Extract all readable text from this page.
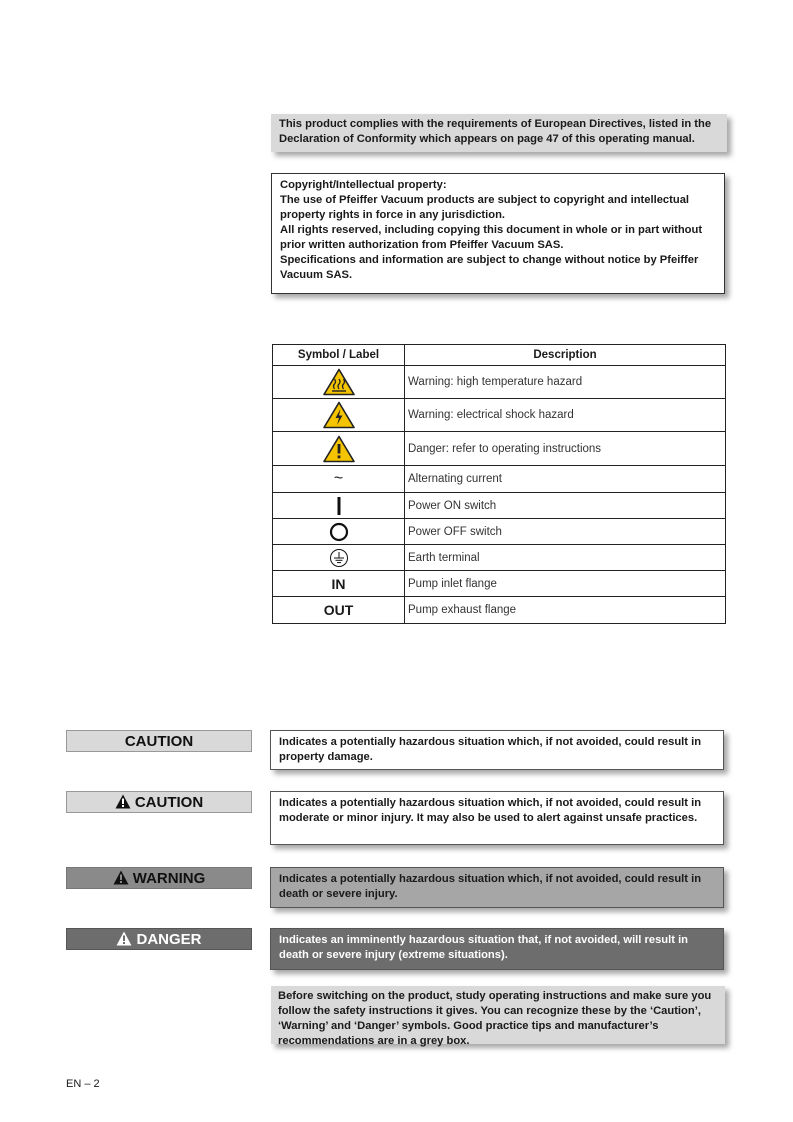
This product complies with the requirements of European Directives, listed in the Declaration of Conformity which appears on page 47 of this operating manual.

Copyright/Intellectual property:

The use of Pfeiffer Vacuum products are subject to copyright and intellectual property rights in force in any jurisdiction.

All rights reserved, including copying this document in whole or in part without prior written authorization from Pfeiffer Vacuum SAS.

Specifications and information are subject to change without notice by Pfeiffer Vacuum SAS.

Symbol / Label	Description
	Warning: high temperature hazard
	Warning: electrical shock hazard
	Danger: refer to operating instructions
~	Alternating current
	Power ON switch
	Power OFF switch
	Earth terminal
IN	Pump inlet flange
OUT	Pump exhaust flange
CAUTION	Indicates a potentially hazardous situation which, if not avoided, could result in property damage.
CAUTION	Indicates a potentially hazardous situation which, if not avoided, could result in moderate or minor injury. It may also be used to alert against unsafe practices.
WARNING	Indicates a potentially hazardous situation which, if not avoided, could result in death or severe injury.
DANGER	Indicates an imminently hazardous situation that, if not avoided, will result in death or severe injury (extreme situations).
Before switching on the product, study operating instructions and make sure you follow the safety instructions it gives. You can recognize these by the ‘Caution’, ‘Warning’ and ‘Danger’ symbols. Good practice tips and manufacturer’s recommendations are in a grey box.
EN – 2
